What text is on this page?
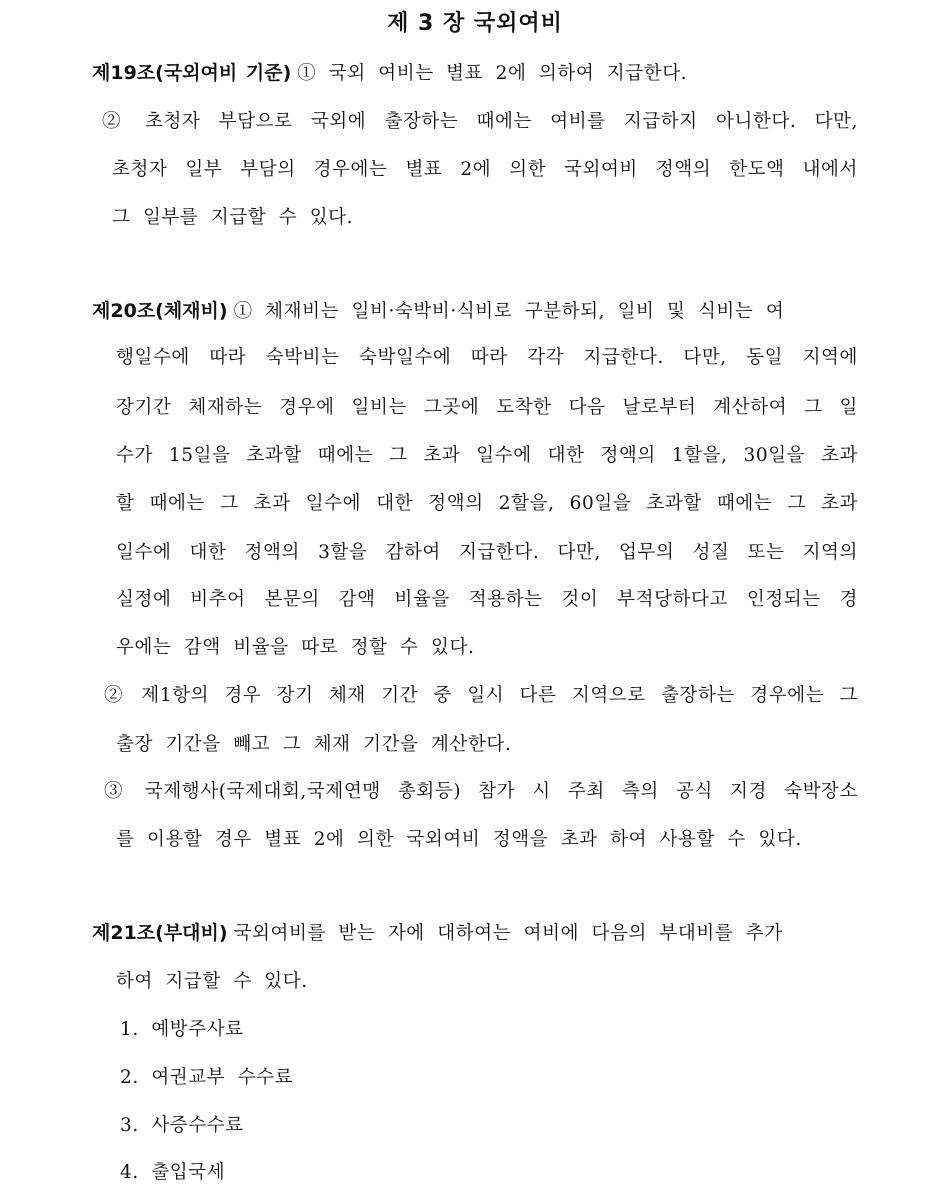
제 3 장 국외여비
제19조(국외여비 기준) ① 국외 여비는 별표 2에 의하여 지급한다.
② 초청자 부담으로 국외에 출장하는 때에는 여비를 지급하지 아니한다. 다만,
초청자 일부 부담의 경우에는 별표 2에 의한 국외여비 정액의 한도액 내에서
그 일부를 지급할 수 있다.
제20조(체재비) ① 체재비는 일비·숙박비·식비로 구분하되, 일비 및 식비는 여
행일수에 따라 숙박비는 숙박일수에 따라 각각 지급한다. 다만, 동일 지역에
장기간 체재하는 경우에 일비는 그곳에 도착한 다음 날로부터 계산하여 그 일
수가 15일을 초과할 때에는 그 초과 일수에 대한 정액의 1할을, 30일을 초과
할 때에는 그 초과 일수에 대한 정액의 2할을, 60일을 초과할 때에는 그 초과
일수에 대한 정액의 3할을 감하여 지급한다. 다만, 업무의 성질 또는 지역의
실정에 비추어 본문의 감액 비율을 적용하는 것이 부적당하다고 인정되는 경
우에는 감액 비율을 따로 정할 수 있다.
② 제1항의 경우 장기 체재 기간 중 일시 다른 지역으로 출장하는 경우에는 그
출장 기간을 빼고 그 체재 기간을 계산한다.
③ 국제행사(국제대회,국제연맹 총회등) 참가 시 주최 측의 공식 지경 숙박장소
를 이용할 경우 별표 2에 의한 국외여비 정액을 초과 하여 사용할 수 있다.
제21조(부대비) 국외여비를 받는 자에 대하여는 여비에 다음의 부대비를 추가
하여 지급할 수 있다.
1. 예방주사료
2. 여권교부 수수료
3. 사증수수료
4. 출입국세
